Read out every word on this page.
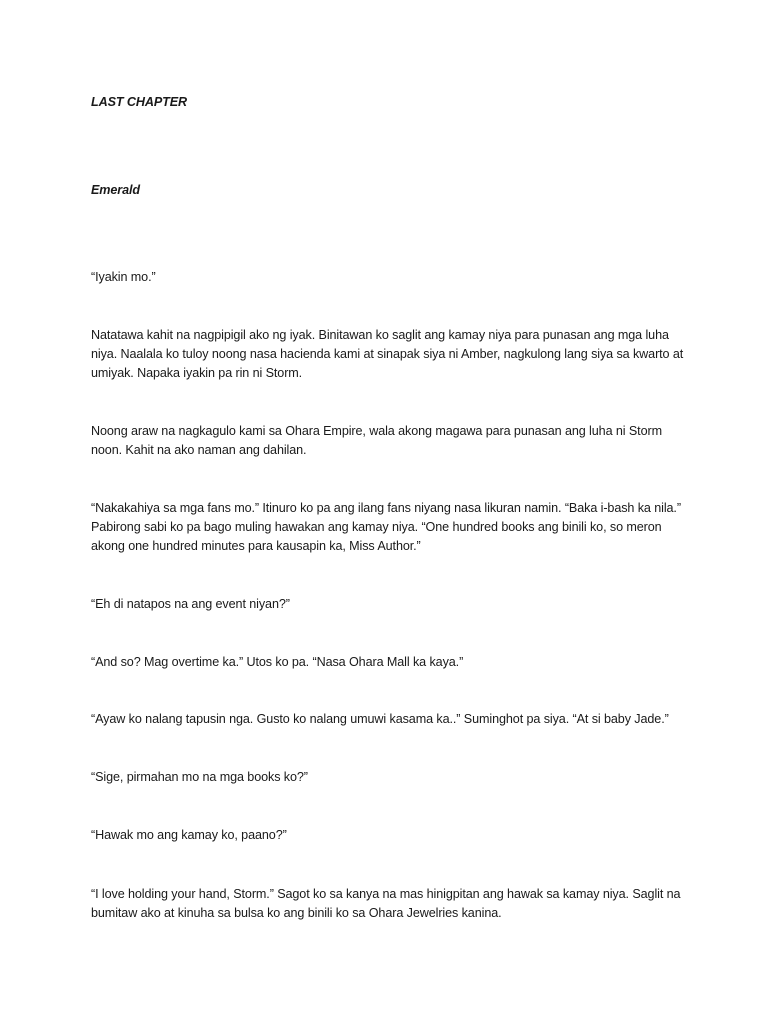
LAST CHAPTER

Emerald

“Iyakin mo.”

Natatawa kahit na nagpipigil ako ng iyak. Binitawan ko saglit ang kamay niya para punasan ang mga luha niya. Naalala ko tuloy noong nasa hacienda kami at sinapak siya ni Amber, nagkulong lang siya sa kwarto at umiyak. Napaka iyakin pa rin ni Storm.

Noong araw na nagkagulo kami sa Ohara Empire, wala akong magawa para punasan ang luha ni Storm noon. Kahit na ako naman ang dahilan.

“Nakakahiya sa mga fans mo.” Itinuro ko pa ang ilang fans niyang nasa likuran namin. “Baka i-bash ka nila.” Pabirong sabi ko pa bago muling hawakan ang kamay niya. “One hundred books ang binili ko, so meron akong one hundred minutes para kausapin ka, Miss Author.”

“Eh di natapos na ang event niyan?”

“And so? Mag overtime ka.” Utos ko pa. “Nasa Ohara Mall ka kaya.”

“Ayaw ko nalang tapusin nga. Gusto ko nalang umuwi kasama ka..” Suminghot pa siya. “At si baby Jade.”

“Sige, pirmahan mo na mga books ko?”

“Hawak mo ang kamay ko, paano?”

“I love holding your hand, Storm.” Sagot ko sa kanya na mas hinigpitan ang hawak sa kamay niya. Saglit na bumitaw ako at kinuha sa bulsa ko ang binili ko sa Ohara Jewelries kanina.
